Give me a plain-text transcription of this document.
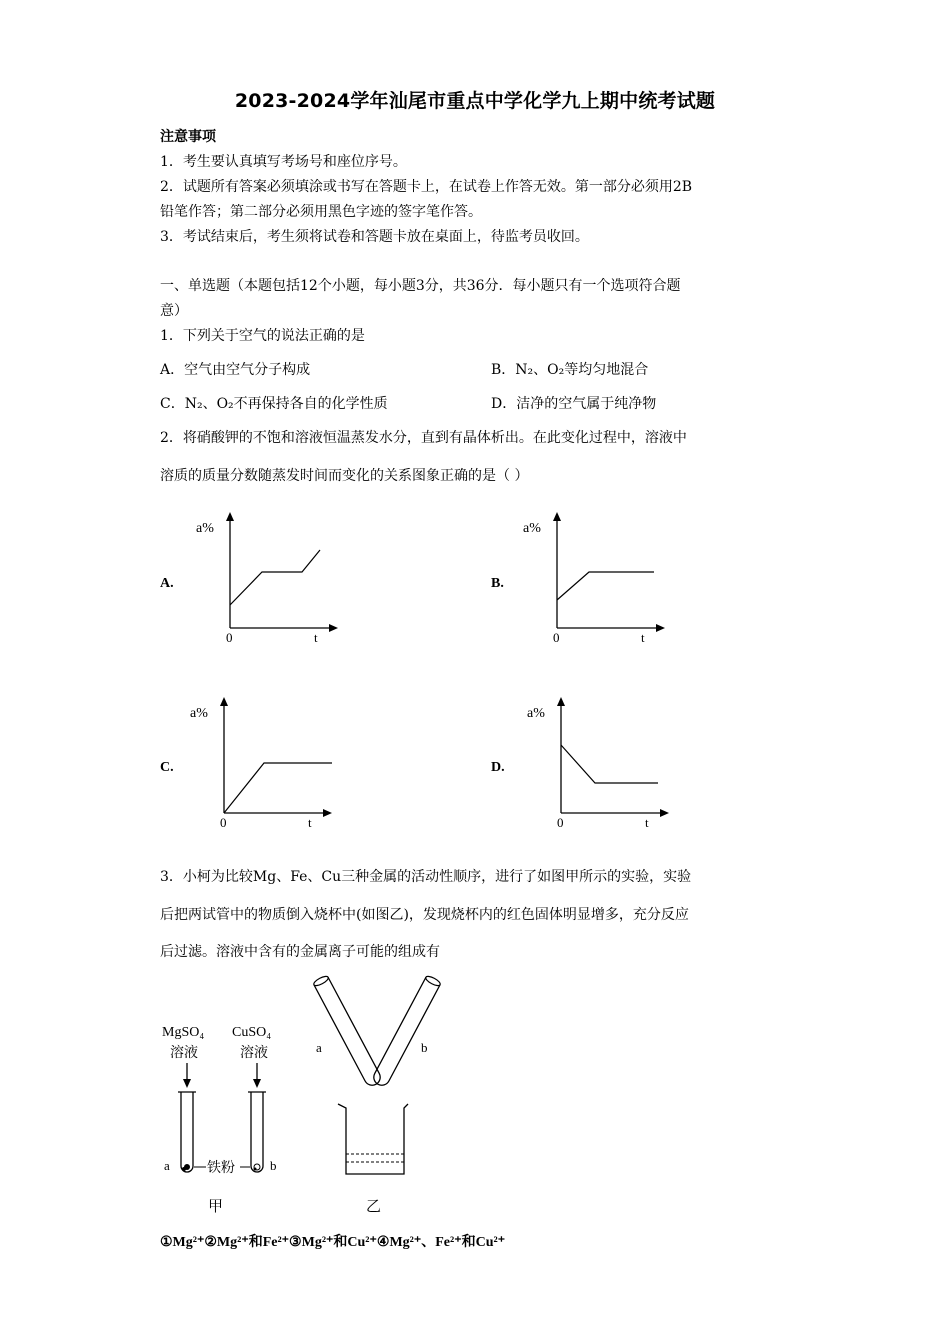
2023-2024学年汕尾市重点中学化学九上期中统考试题
注意事项
1．考生要认真填写考场号和座位序号。
2．试题所有答案必须填涂或书写在答题卡上，在试卷上作答无效。第一部分必须用2B
铅笔作答；第二部分必须用黑色字迹的签字笔作答。
3．考试结束后，考生须将试卷和答题卡放在桌面上，待监考员收回。
一、单选题（本题包括12个小题，每小题3分，共36分．每小题只有一个选项符合题
意）
1．下列关于空气的说法正确的是
A．空气由空气分子构成	B．N₂、O₂等均匀地混合
C．N₂、O₂不再保持各自的化学性质	D．洁净的空气属于纯净物
2．将硝酸钾的不饱和溶液恒温蒸发水分，直到有晶体析出。在此变化过程中，溶液中
溶质的质量分数随蒸发时间而变化的关系图象正确的是（ ）
A.	B.
C.	D.
a%
0	t
a%
0	t
a%
0	t
a%
0	t
3．小柯为比较Mg、Fe、Cu三种金属的活动性顺序，进行了如图甲所示的实验，实验
后把两试管中的物质倒入烧杯中(如图乙)，发现烧杯内的红色固体明显增多，充分反应
后过滤。溶液中含有的金属离子可能的组成有
MgSO₄
溶液
CuSO₄
溶液
a	b
铁粉
甲
a	b
乙
①Mg²⁺②Mg²⁺和Fe²⁺③Mg²⁺和Cu²⁺④Mg²⁺、Fe²⁺和Cu²⁺
